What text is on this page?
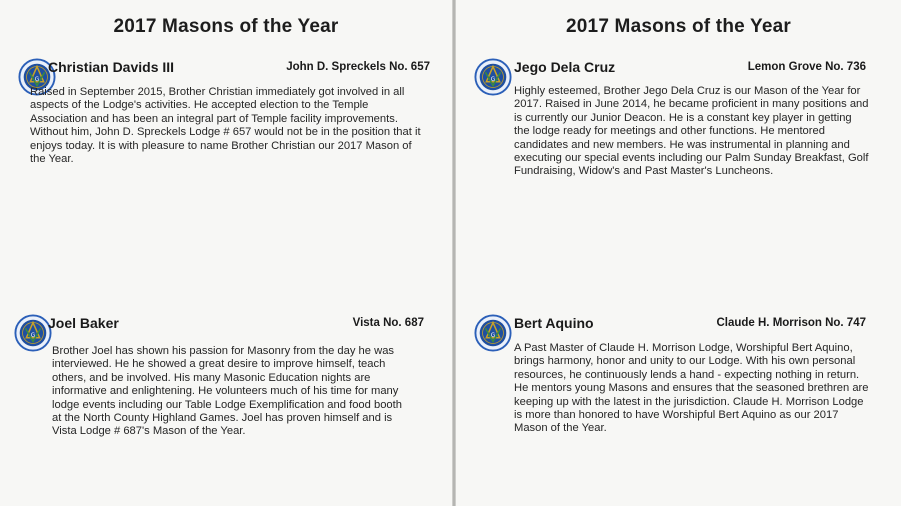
2017 Masons of the Year
G
Christian Davids III	John D. Spreckels No. 657

Raised in September 2015, Brother Christian immediately got involved in all aspects of the Lodge's activities. He accepted election to the Temple Association and has been an integral part of Temple facility improvements. Without him, John D. Spreckels Lodge # 657 would not be in the position that it enjoys today. It is with pleasure to name Brother Christian our 2017 Mason of the Year.

G
Joel Baker	Vista No. 687

Brother Joel has shown his passion for Masonry from the day he was interviewed. He he showed a great desire to improve himself, teach others, and be involved. His many Masonic Education nights are informative and enlightening. He volunteers much of his time for many lodge events including our Table Lodge Exemplification and food booth at the North County Highland Games. Joel has proven himself and is Vista Lodge # 687's Mason of the Year.

2017 Masons of the Year
G
Jego Dela Cruz	Lemon Grove No. 736

Highly esteemed, Brother Jego Dela Cruz is our Mason of the Year for 2017. Raised in June 2014, he became proficient in many positions and is currently our Junior Deacon. He is a constant key player in getting the lodge ready for meetings and other functions. He mentored candidates and new members. He was instrumental in planning and executing our special events including our Palm Sunday Breakfast, Golf Fundraising, Widow's and Past Master's Luncheons.

G
Bert Aquino	Claude H. Morrison No. 747

A Past Master of Claude H. Morrison Lodge, Worshipful Bert Aquino, brings harmony, honor and unity to our Lodge. With his own personal resources, he continuously lends a hand - expecting nothing in return. He mentors young Masons and ensures that the seasoned brethren are keeping up with the latest in the jurisdiction. Claude H. Morrison Lodge is more than honored to have Worshipful Bert Aquino as our 2017 Mason of the Year.
